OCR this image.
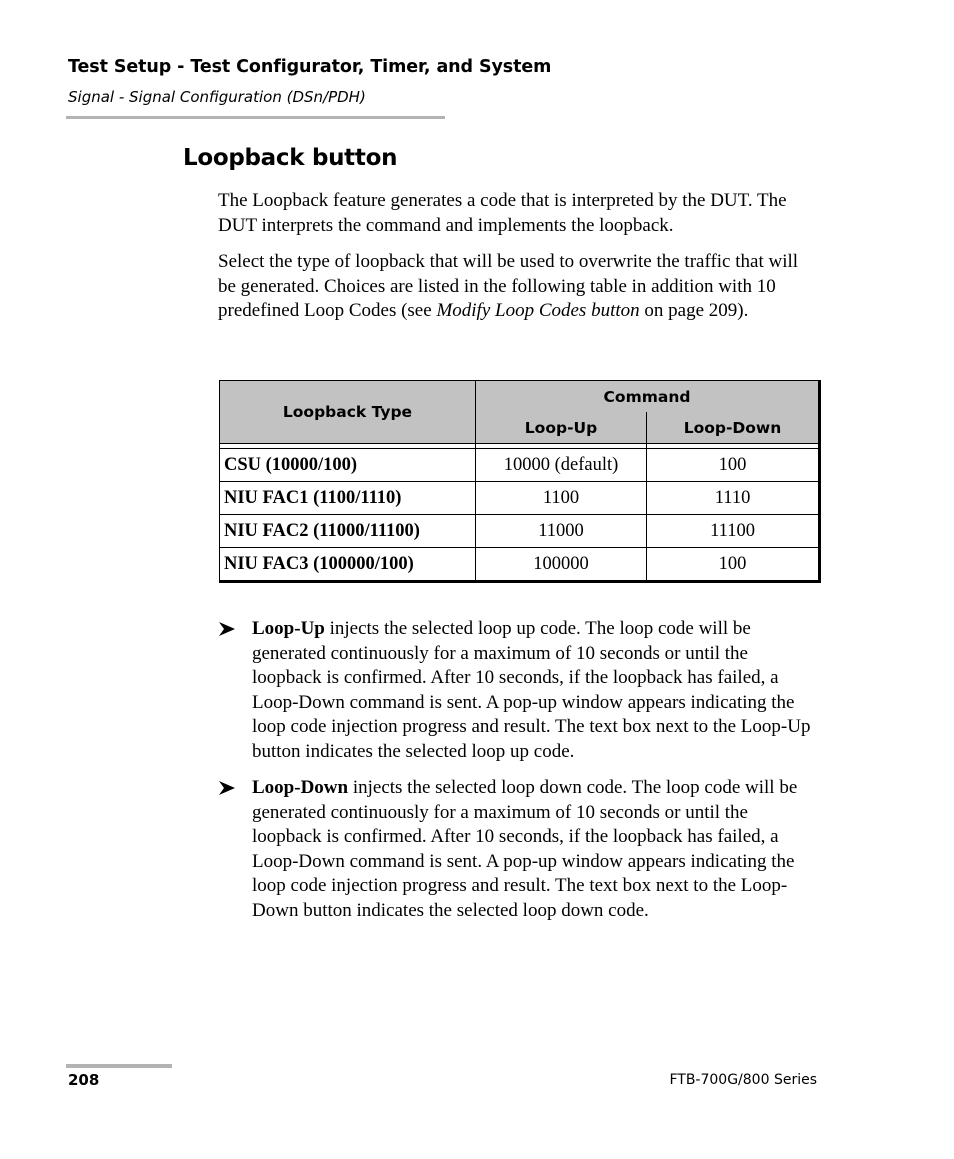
Test Setup - Test Configurator, Timer, and System
Signal - Signal Configuration (DSn/PDH)
Loopback button

The Loopback feature generates a code that is interpreted by the DUT. The DUT interprets the command and implements the loopback.

Select the type of loopback that will be used to overwrite the traffic that will be generated. Choices are listed in the following table in addition with 10 predefined Loop Codes (see Modify Loop Codes button on page 209).

Loopback Type	Command	
	Loop-Up	Loop-Down

CSU (10000/100)	10000 (default)	100
NIU FAC1 (1100/1110)	1100	1110
NIU FAC2 (11000/11100)	11000	11100
NIU FAC3 (100000/100)	100000	100
Loop-Up injects the selected loop up code. The loop code will be generated continuously for a maximum of 10 seconds or until the loopback is confirmed. After 10 seconds, if the loopback has failed, a Loop-Down command is sent. A pop-up window appears indicating the loop code injection progress and result. The text box next to the Loop-Up button indicates the selected loop up code.
Loop-Down injects the selected loop down code. The loop code will be generated continuously for a maximum of 10 seconds or until the loopback is confirmed. After 10 seconds, if the loopback has failed, a Loop-Down command is sent. A pop-up window appears indicating the loop code injection progress and result. The text box next to the Loop-Down button indicates the selected loop down code.
208	FTB-700G/800 Series
